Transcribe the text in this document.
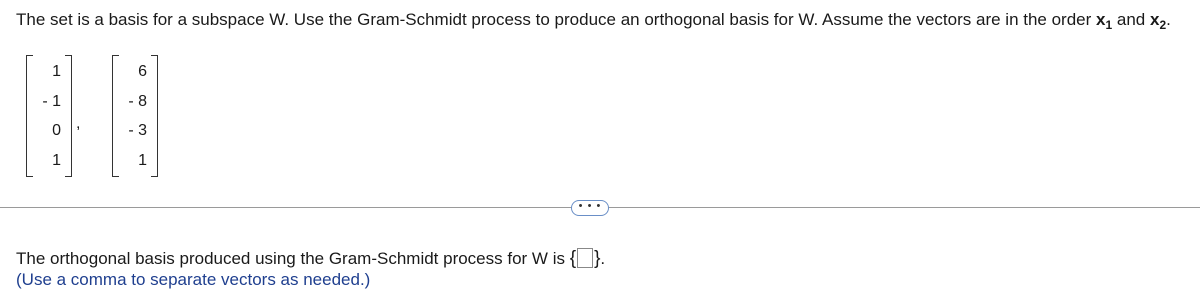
The set is a basis for a subspace W. Use the Gram-Schmidt process to produce an orthogonal basis for W. Assume the vectors are in the order $x_1$ and $x_2$.
1
- 1
0
1
,
6
- 8
- 3
1
• • •
The orthogonal basis produced using the Gram-Schmidt process for W is { }.
(Use a comma to separate vectors as needed.)
